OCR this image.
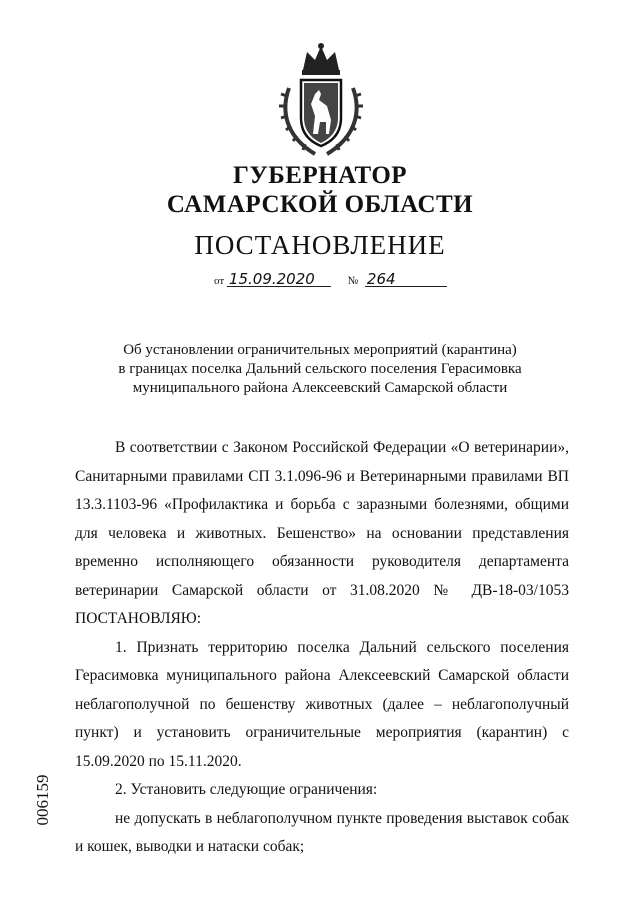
ГУБЕРНАТОР
САМАРСКОЙ ОБЛАСТИ
ПОСТАНОВЛЕНИЕ
от 15.09.2020	№ 264
Об установлении ограничительных мероприятий (карантина)
в границах поселка Дальний сельского поселения Герасимовка
муниципального района Алексеевский Самарской области

В соответствии с Законом Российской Федерации «О ветеринарии», Санитарными правилами СП 3.1.096-96 и Ветеринарными правилами ВП 13.3.1103-96 «Профилактика и борьба с заразными болезнями, общими для человека и животных. Бешенство» на основании представления временно исполняющего обязанности руководителя департамента ветеринарии Самарской области от 31.08.2020 № ДВ-18-03/1053 ПОСТАНОВЛЯЮ:

1. Признать территорию поселка Дальний сельского поселения Герасимовка муниципального района Алексеевский Самарской области неблагополучной по бешенству животных (далее – неблагополучный пункт) и установить ограничительные мероприятия (карантин) с 15.09.2020 по 15.11.2020.

2. Установить следующие ограничения:

не допускать в неблагополучном пункте проведения выставок собак и кошек, выводки и натаски собак;

006159
